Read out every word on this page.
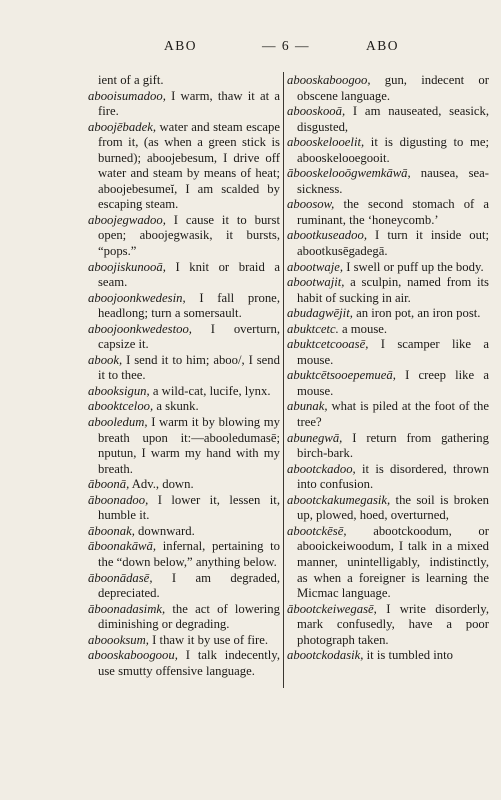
ABO	— 6 —	ABO

ient of a gift.

abooisumadoo, I warm, thaw it at a fire.

aboojēbadek, water and steam escape from it, (as when a green stick is burned); aboojebesum, I drive off water and steam by means of heat; aboojebesumeĭ, I am scalded by escaping steam.

aboojegwadoo, I cause it to burst open; aboojegwasik, it bursts, “pops.”

aboojiskunooā, I knit or braid a seam.

aboojoonkwedesin, I fall prone, headlong; turn a somersault.

aboojoonkwedestoo, I overturn, capsize it.

abook, I send it to him; aboo/, I send it to thee.

abooksigun, a wild-cat, lucife, lynx.

abooktceloo, a skunk.

abooledum, I warm it by blowing my breath upon it:—abooledumasē; nputun, I warm my hand with my breath.

āboonā, Adv., down.

āboonadoo, I lower it, lessen it, humble it.

āboonak, downward.

āboonakāwā, infernal, pertaining to the “down below,” anything below.

āboonādasē, I am degraded, depreciated.

āboonadasimk, the act of lowering diminishing or degrading.

aboooksum, I thaw it by use of fire.

abooskaboogoou, I talk indecently, use smutty offensive language.

abooskaboogoo, gun, indecent or obscene language.

abooskooā, I am nauseated, seasick, disgusted,

abooskelooelit, it is digusting to me; abooskelooegooit.

ābooskelooōgwemkāwā, nausea, sea-sickness.

aboosow, the second stomach of a ruminant, the ‘honeycomb.’

abootkuseadoo, I turn it inside out; abootkusēgadegā.

abootwaje, I swell or puff up the body.

abootwajit, a sculpin, named from its habit of sucking in air.

abudagwējit, an iron pot, an iron post.

abuktcetc. a mouse.

abuktcetcooasē, I scamper like a mouse.

abuktcētsooepemueā, I creep like a mouse.

abunak, what is piled at the foot of the tree?

abunegwā, I return from gathering birch-bark.

abootckadoo, it is disordered, thrown into confusion.

abootckakumegasik, the soil is broken up, plowed, hoed, overturned,

abootckēsē, abootckoodum, or abooickeiwoodum, I talk in a mixed manner, unintelligably, indistinctly, as when a foreigner is learning the Micmac language.

ābootckeiwegasē, I write disorderly, mark confusedly, have a poor photograph taken.

abootckodasik, it is tumbled into
